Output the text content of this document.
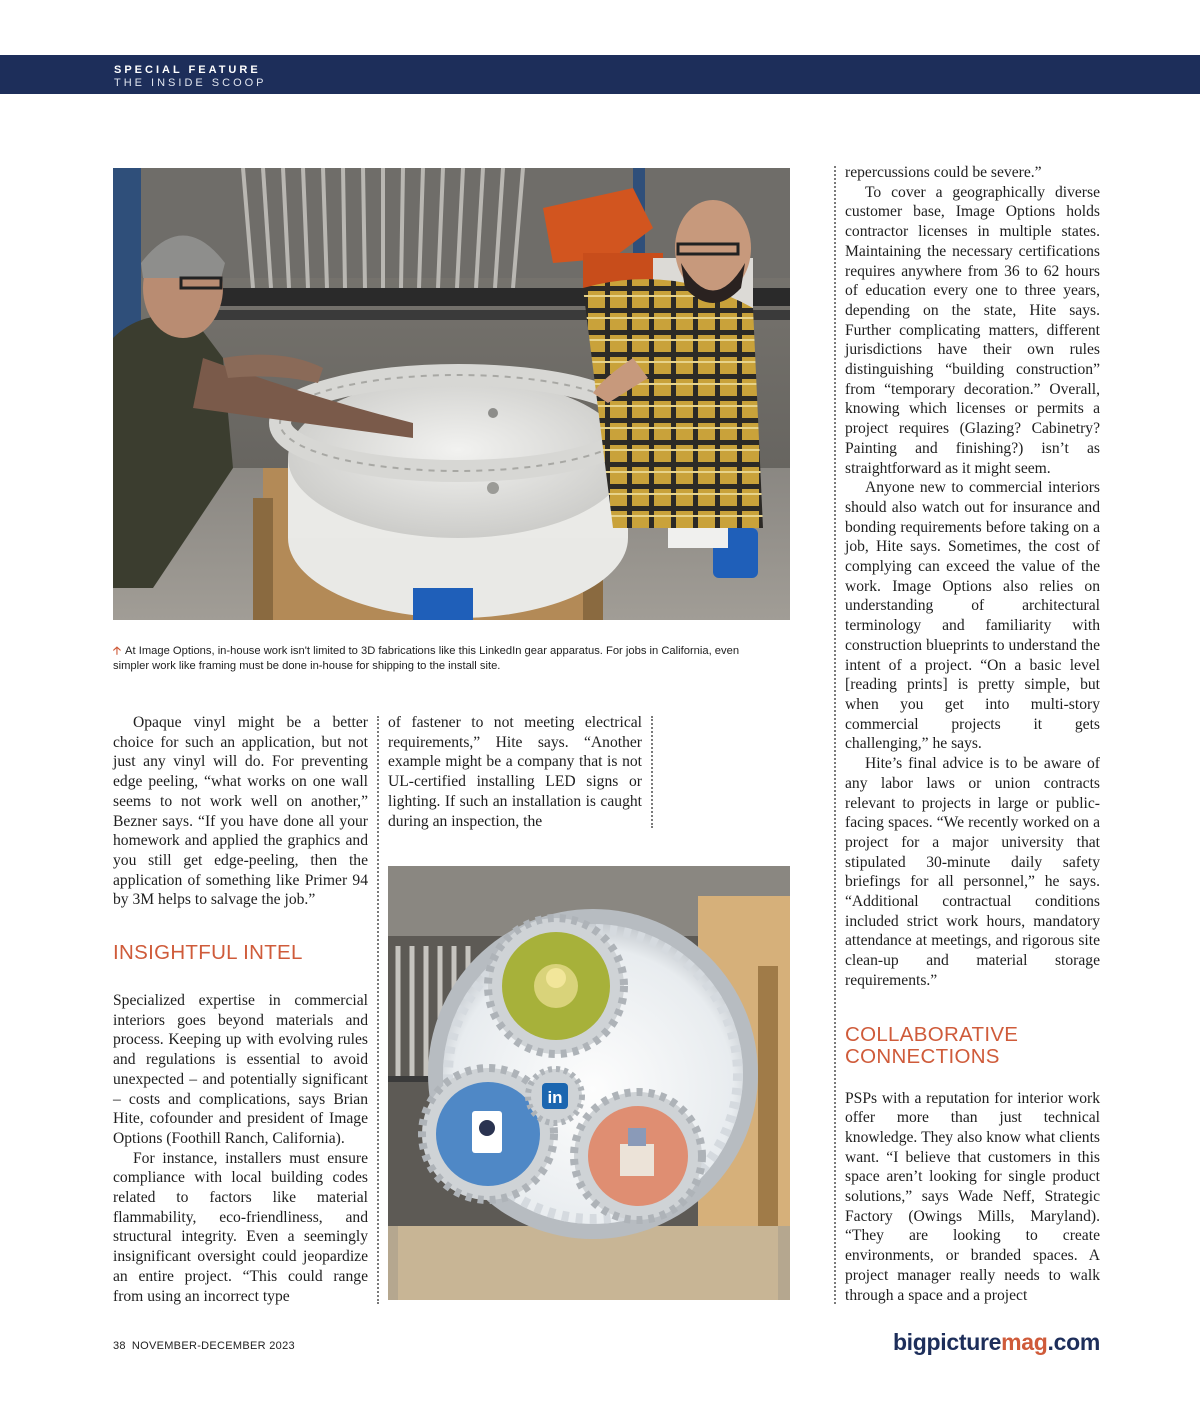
SPECIAL FEATURE
THE INSIDE SCOOP
🡡 At Image Options, in-house work isn't limited to 3D fabrications like this LinkedIn gear apparatus. For jobs in California, even simpler work like framing must be done in-house for shipping to the install site.

Opaque vinyl might be a better choice for such an application, but not just any vinyl will do. For preventing edge peeling, “what works on one wall seems to not work well on another,” Bezner says. “If you have done all your homework and applied the graphics and you still get edge-peeling, then the application of something like Primer 94 by 3M helps to salvage the job.”

INSIGHTFUL INTEL

Specialized expertise in commercial interiors goes beyond materials and process. Keeping up with evolving rules and regulations is essential to avoid unexpected – and potentially significant – costs and complications, says Brian Hite, cofounder and president of Image Options (Foothill Ranch, California).

For instance, installers must ensure compliance with local building codes related to factors like material flammability, eco-friendliness, and structural integrity. Even a seemingly insignificant oversight could jeopardize an entire project. “This could range from using an incorrect type

of fastener to not meeting electrical requirements,” Hite says. “Another example might be a company that is not UL-certified installing LED signs or lighting. If such an installation is caught during an inspection, the

in

repercussions could be severe.”

To cover a geographically diverse customer base, Image Options holds contractor licenses in multiple states. Maintaining the necessary certifications requires anywhere from 36 to 62 hours of education every one to three years, depending on the state, Hite says. Further complicating matters, different jurisdictions have their own rules distinguishing “building construction” from “temporary decoration.” Overall, knowing which licenses or permits a project requires (Glazing? Cabinetry? Painting and finishing?) isn’t as straightforward as it might seem.

Anyone new to commercial interiors should also watch out for insurance and bonding requirements before taking on a job, Hite says. Sometimes, the cost of complying can exceed the value of the work. Image Options also relies on understanding of architectural terminology and familiarity with construction blueprints to understand the intent of a project. “On a basic level [reading prints] is pretty simple, but when you get into multi-story commercial projects it gets challenging,” he says.

Hite’s final advice is to be aware of any labor laws or union contracts relevant to projects in large or public-facing spaces. “We recently worked on a project for a major university that stipulated 30-minute daily safety briefings for all personnel,” he says. “Additional contractual conditions included strict work hours, mandatory attendance at meetings, and rigorous site clean-up and material storage requirements.”

COLLABORATIVE
CONNECTIONS

PSPs with a reputation for interior work offer more than just technical knowledge. They also know what clients want. “I believe that customers in this space aren’t looking for single product solutions,” says Wade Neff, Strategic Factory (Owings Mills, Maryland). “They are looking to create environments, or branded spaces. A project manager really needs to walk through a space and a project

38 NOVEMBER-DECEMBER 2023	bigpicturemag.com
